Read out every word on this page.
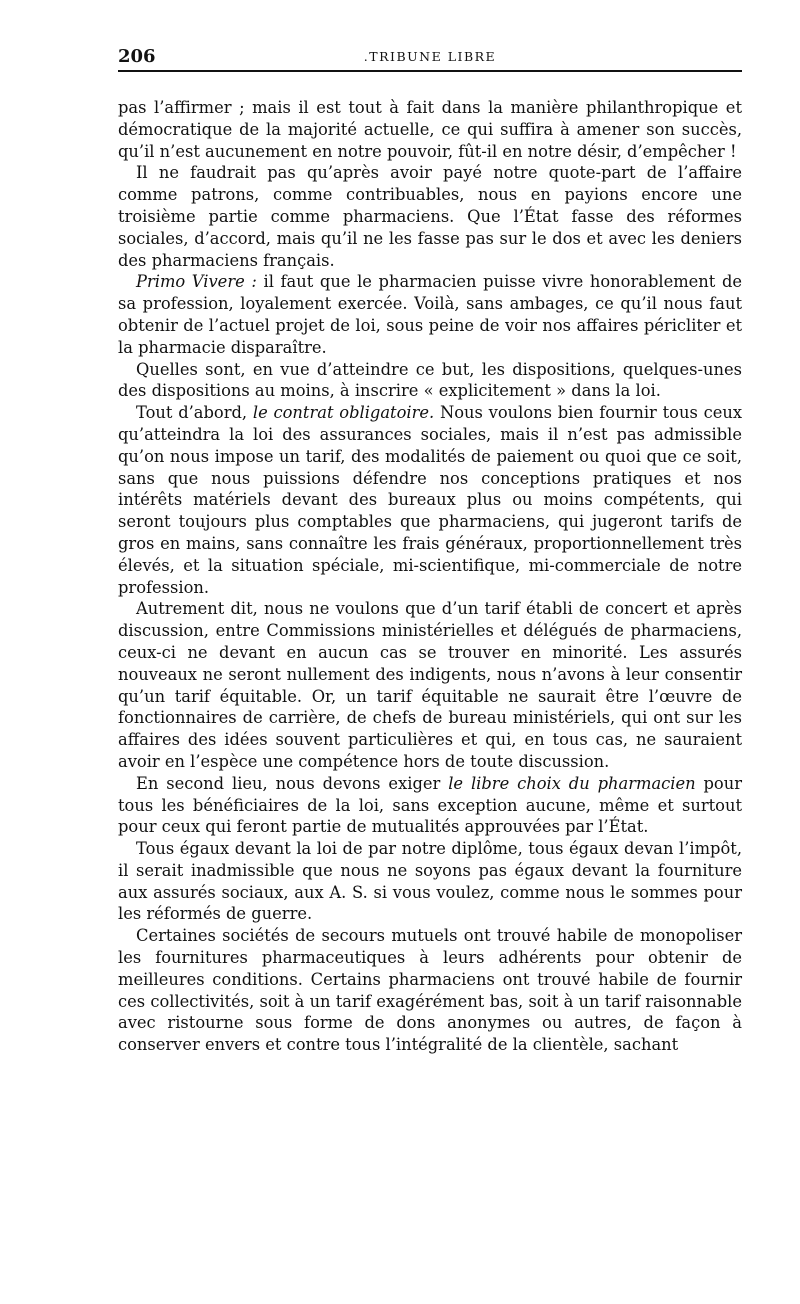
206	.TRIBUNE LIBRE

pas l’affirmer ; mais il est tout à fait dans la manière philanthropique et démocratique de la majorité actuelle, ce qui suffira à amener son succès, qu’il n’est aucunement en notre pouvoir, fût-il en notre désir, d’empêcher !

Il ne faudrait pas qu’après avoir payé notre quote-part de l’affaire comme patrons, comme contribuables, nous en payions encore une troisième partie comme pharmaciens. Que l’État fasse des réformes sociales, d’accord, mais qu’il ne les fasse pas sur le dos et avec les deniers des pharmaciens français.

Primo Vivere : il faut que le pharmacien puisse vivre honorablement de sa profession, loyalement exercée. Voilà, sans ambages, ce qu’il nous faut obtenir de l’actuel projet de loi, sous peine de voir nos affaires péricliter et la pharmacie disparaître.

Quelles sont, en vue d’atteindre ce but, les dispositions, quelques-unes des dispositions au moins, à inscrire « explicitement » dans la loi.

Tout d’abord, le contrat obligatoire. Nous voulons bien fournir tous ceux qu’atteindra la loi des assurances sociales, mais il n’est pas admissible qu’on nous impose un tarif, des modalités de paiement ou quoi que ce soit, sans que nous puissions défendre nos conceptions pratiques et nos intérêts matériels devant des bureaux plus ou moins compétents, qui seront toujours plus comptables que pharmaciens, qui jugeront tarifs de gros en mains, sans connaître les frais généraux, proportionnellement très élevés, et la situation spéciale, mi-scientifique, mi-commerciale de notre profession.

Autrement dit, nous ne voulons que d’un tarif établi de concert et après discussion, entre Commissions ministérielles et délégués de pharmaciens, ceux-ci ne devant en aucun cas se trouver en minorité. Les assurés nouveaux ne seront nullement des indigents, nous n’avons à leur consentir qu’un tarif équitable. Or, un tarif équitable ne saurait être l’œuvre de fonctionnaires de carrière, de chefs de bureau ministériels, qui ont sur les affaires des idées souvent particulières et qui, en tous cas, ne sauraient avoir en l’espèce une compétence hors de toute discussion.

En second lieu, nous devons exiger le libre choix du pharmacien pour tous les bénéficiaires de la loi, sans exception aucune, même et surtout pour ceux qui feront partie de mutualités approuvées par l’État.

Tous égaux devant la loi de par notre diplôme, tous égaux devan l’impôt, il serait inadmissible que nous ne soyons pas égaux devant la fourniture aux assurés sociaux, aux A. S. si vous voulez, comme nous le sommes pour les réformés de guerre.

Certaines sociétés de secours mutuels ont trouvé habile de monopoliser les fournitures pharmaceutiques à leurs adhérents pour obtenir de meilleures conditions. Certains pharmaciens ont trouvé habile de fournir ces collectivités, soit à un tarif exagérément bas, soit à un tarif raisonnable avec ristourne sous forme de dons anonymes ou autres, de façon à conserver envers et contre tous l’intégralité de la clientèle, sachant
